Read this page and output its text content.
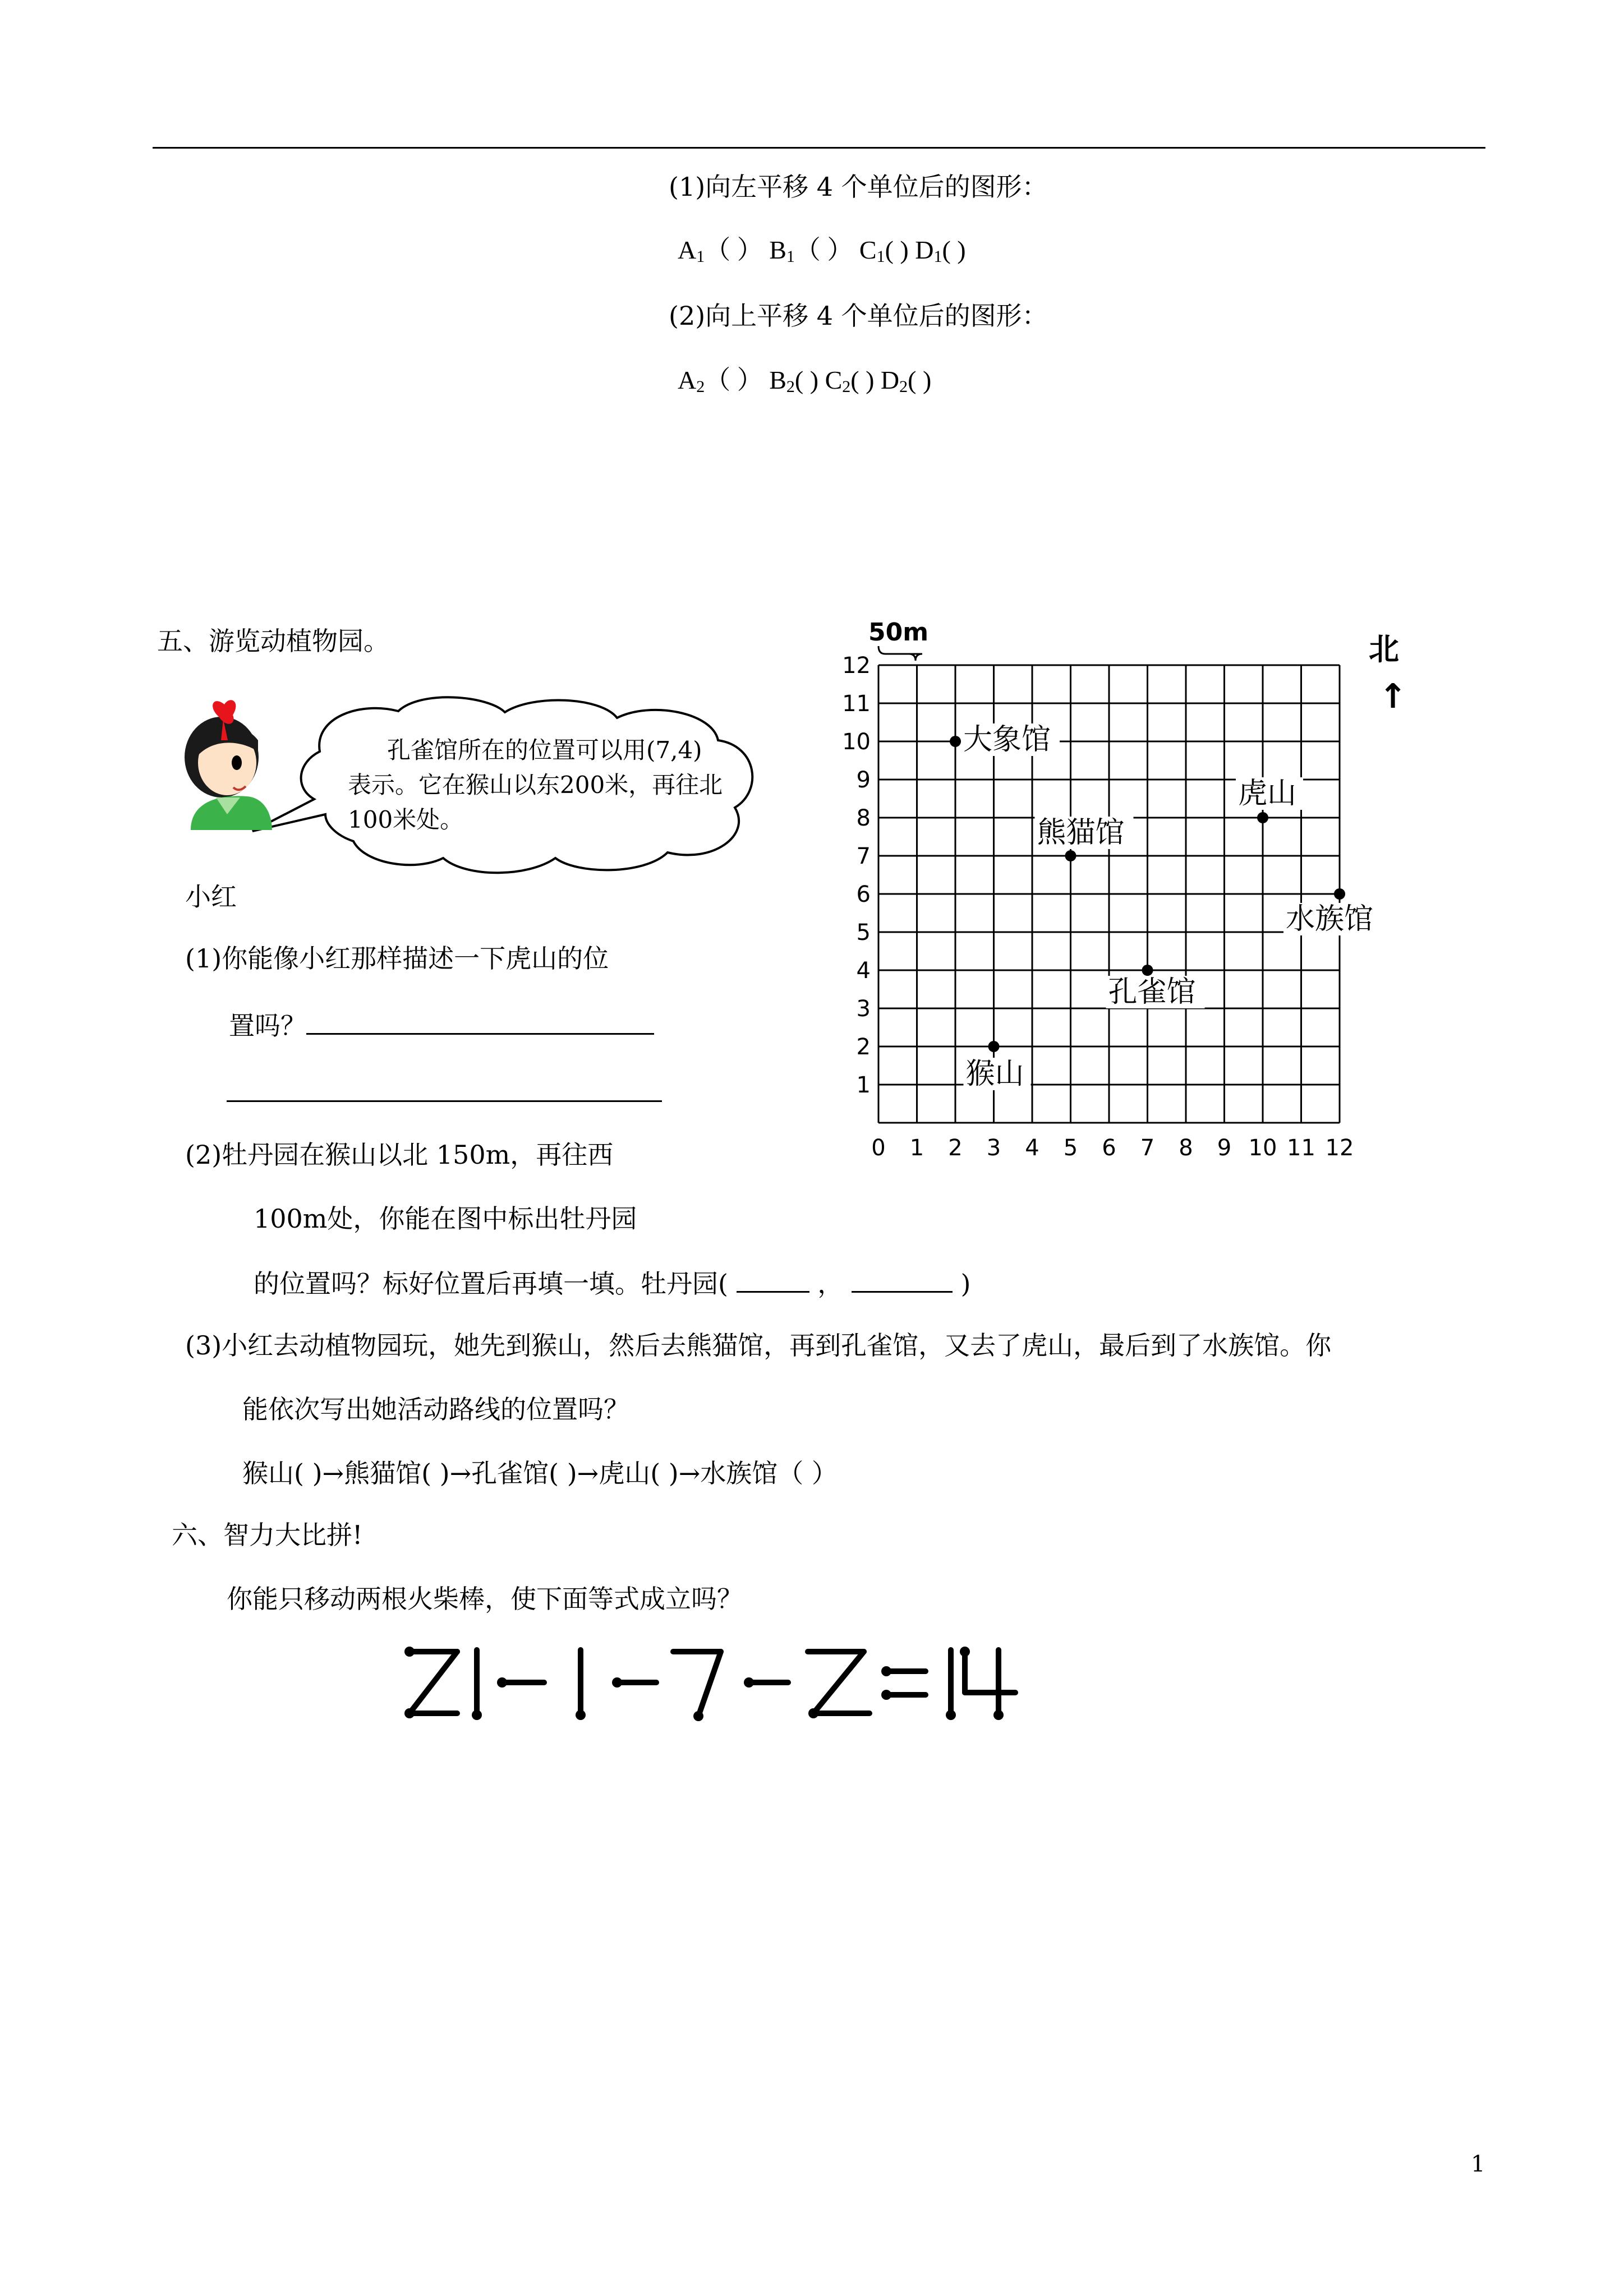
(1)向左平移 4 个单位后的图形：
$A_1$（ ） $B_1$（ ） $C_1$( ) $D_1$( )
(2)向上平移 4 个单位后的图形：
$A_2$（ ） $B_2$( ) $C_2$( ) $D_2$( )
五、游览动植物园。
孔雀馆所在的位置可以用(7,4)
表示。它在猴山以东200米，再往北
100米处。
小红
(1)你能像小红那样描述一下虎山的位
置吗？
(2)牡丹园在猴山以北 150m，再往西
100m处，你能在图中标出牡丹园
的位置吗？标好位置后再填一填。牡丹园(	，	)
(3)小红去动植物园玩，她先到猴山，然后去熊猫馆，再到孔雀馆，又去了虎山，最后到了水族馆。你
能依次写出她活动路线的位置吗？
猴山( )→熊猫馆( )→孔雀馆( )→虎山( )→水族馆（ ）
50m	北
↑
0 1 2 3 4 5 6 7 8 9 10 11 12
1
2
3
4
5
6
7
8
9
10
11
12
大象馆
熊猫馆
虎山
水族馆
孔雀馆
猴山
六、智力大比拼!
你能只移动两根火柴棒，使下面等式成立吗？
1
